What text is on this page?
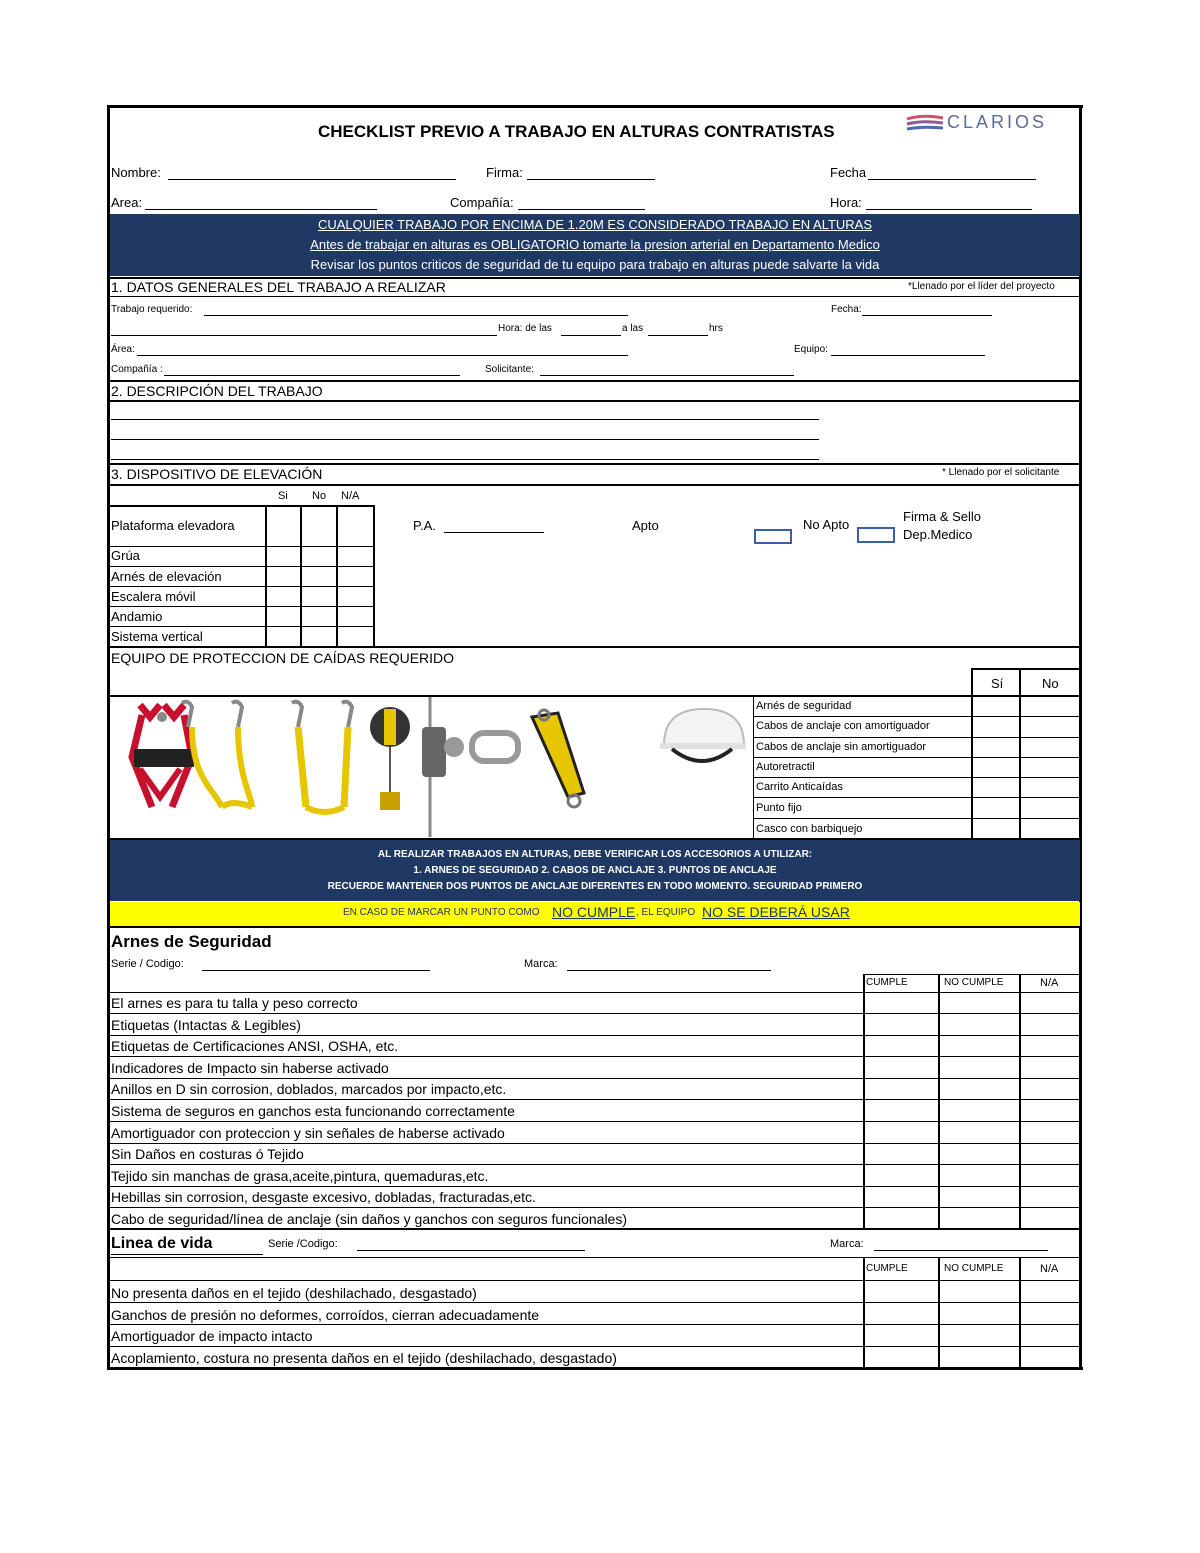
CHECKLIST PREVIO A TRABAJO EN ALTURAS CONTRATISTAS	CLARIOS
Nombre:	Firma:	Fecha
Area:	Compañía:	Hora:
CUALQUIER TRABAJO POR ENCIMA DE 1.20M ES CONSIDERADO TRABAJO EN ALTURAS
Antes de trabajar en alturas es OBLIGATORIO tomarte la presion arterial en Departamento Medico
Revisar los puntos criticos de seguridad de tu equipo para trabajo en alturas puede salvarte la vida
1. DATOS GENERALES DEL TRABAJO A REALIZAR	*Llenado por el líder del proyecto
Trabajo requerido:	Fecha:
Hora: de las	a las	hrs
Área:	Equipo:
Compañía :	Solicitante:
2. DESCRIPCIÓN DEL TRABAJO
3. DISPOSITIVO DE ELEVACIÓN	* Llenado por el solicitante
Si No N/A
Plataforma elevadora
Grúa
Arnés de elevación
Escalera móvil
Andamio
Sistema vertical
P.A.	Apto	No Apto
Firma & Sello
Dep.Medico
EQUIPO DE PROTECCION DE CAÍDAS REQUERIDO
Sí	No
Arnés de seguridad
Cabos de anclaje con amortiguador
Cabos de anclaje sin amortiguador
Autoretractil
Carrito Anticaídas
Punto fijo
Casco con barbiquejo
AL REALIZAR TRABAJOS EN ALTURAS, DEBE VERIFICAR LOS ACCESORIOS A UTILIZAR:
1. ARNES DE SEGURIDAD 2. CABOS DE ANCLAJE 3. PUNTOS DE ANCLAJE
RECUERDE MANTENER DOS PUNTOS DE ANCLAJE DIFERENTES EN TODO MOMENTO. SEGURIDAD PRIMERO
EN CASO DE MARCAR UN PUNTO COMO NO CUMPLE , EL EQUIPO NO SE DEBERÁ USAR
Arnes de Seguridad
Serie / Codigo:	Marca:
CUMPLE	NO CUMPLE	N/A
El arnes es para tu talla y peso correcto
Etiquetas (Intactas & Legibles)
Etiquetas de Certificaciones ANSI, OSHA, etc.
Indicadores de Impacto sin haberse activado
Anillos en D sin corrosion, doblados, marcados por impacto,etc.
Sistema de seguros en ganchos esta funcionando correctamente
Amortiguador con proteccion y sin señales de haberse activado
Sin Daños en costuras ó Tejido
Tejido sin manchas de grasa,aceite,pintura, quemaduras,etc.
Hebillas sin corrosion, desgaste excesivo, dobladas, fracturadas,etc.
Cabo de seguridad/línea de anclaje (sin daños y ganchos con seguros funcionales)
Linea de vida	Serie /Codigo:	Marca:
CUMPLE	NO CUMPLE	N/A
No presenta daños en el tejido (deshilachado, desgastado)
Ganchos de presión no deformes, corroídos, cierran adecuadamente
Amortiguador de impacto intacto
Acoplamiento, costura no presenta daños en el tejido (deshilachado, desgastado)
